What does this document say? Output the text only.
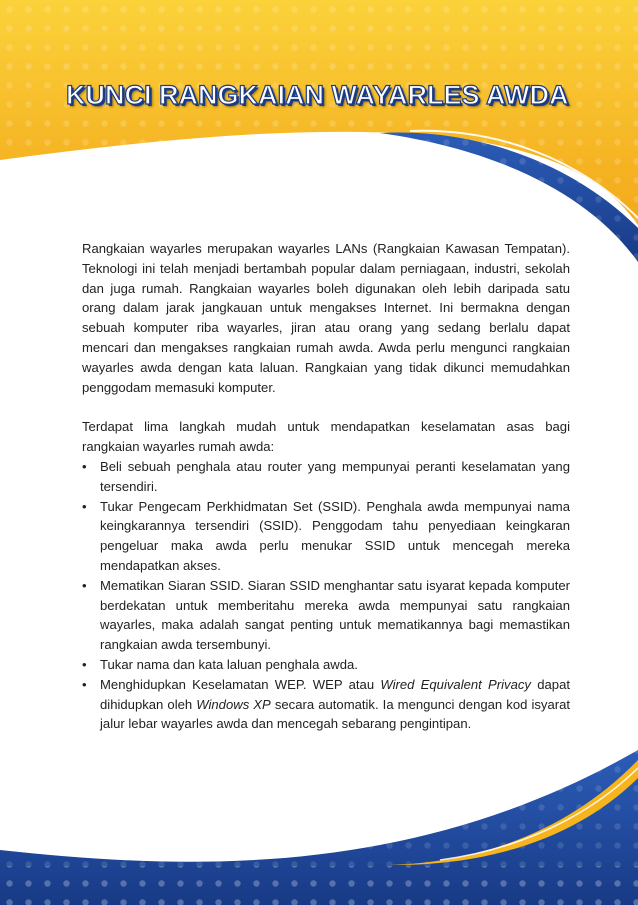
KUNCI RANGKAIAN WAYARLES AWDA

Rangkaian wayarles merupakan wayarles LANs (Rangkaian Kawasan Tempatan). Teknologi ini telah menjadi bertambah popular dalam perniagaan, industri, sekolah dan juga rumah. Rangkaian wayarles boleh digunakan oleh lebih daripada satu orang dalam jarak jangkauan untuk mengakses Internet. Ini bermakna dengan sebuah komputer riba wayarles, jiran atau orang yang sedang berlalu dapat mencari dan mengakses rangkaian rumah awda. Awda perlu mengunci rangkaian wayarles awda dengan kata laluan. Rangkaian yang tidak dikunci memudahkan penggodam memasuki komputer.

Terdapat lima langkah mudah untuk mendapatkan keselamatan asas bagi rangkaian wayarles rumah awda:

• Beli sebuah penghala atau router yang mempunyai peranti keselamatan yang tersendiri.
• Tukar Pengecam Perkhidmatan Set (SSID). Penghala awda mempunyai nama keingkarannya tersendiri (SSID). Penggodam tahu penyediaan keingkaran pengeluar maka awda perlu menukar SSID untuk mencegah mereka mendapatkan akses.
• Mematikan Siaran SSID. Siaran SSID menghantar satu isyarat kepada komputer berdekatan untuk memberitahu mereka awda mempunyai satu rangkaian wayarles, maka adalah sangat penting untuk mematikannya bagi memastikan rangkaian awda tersembunyi.
• Tukar nama dan kata laluan penghala awda.
• Menghidupkan Keselamatan WEP. WEP atau Wired Equivalent Privacy dapat dihidupkan oleh Windows XP secara automatik. Ia mengunci dengan kod isyarat jalur lebar wayarles awda dan mencegah sebarang pengintipan.
